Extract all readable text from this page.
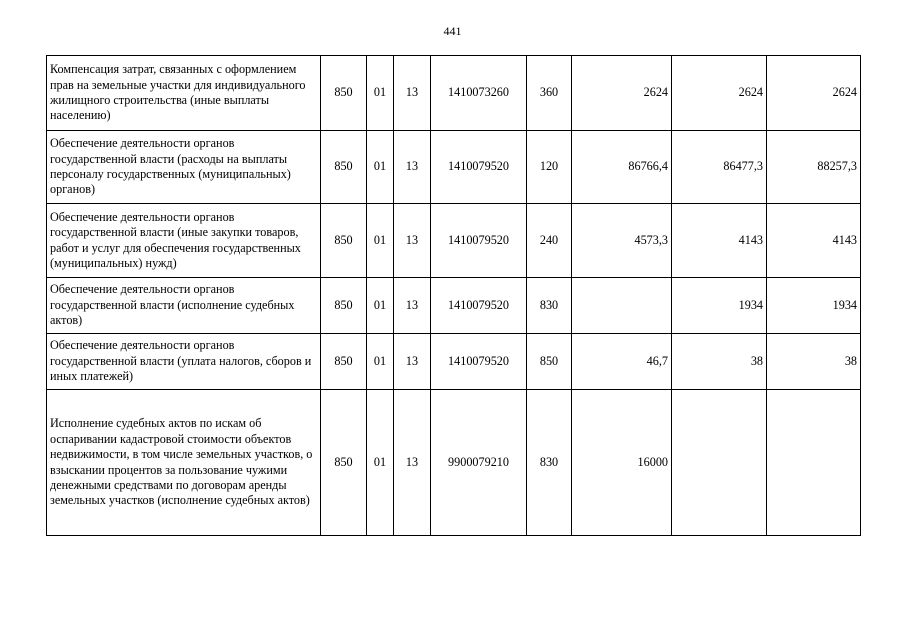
441
Компенсация затрат, связанных с оформлением прав на земельные участки для индивидуального жилищного строительства (иные выплаты населению)	850	01	13	1410073260	360	2624	2624	2624
Обеспечение деятельности органов государственной власти (расходы на выплаты персоналу государственных (муниципальных) органов)	850	01	13	1410079520	120	86766,4	86477,3	88257,3
Обеспечение деятельности органов государственной власти (иные закупки товаров, работ и услуг для обеспечения государственных (муниципальных) нужд)	850	01	13	1410079520	240	4573,3	4143	4143
Обеспечение деятельности органов государственной власти (исполнение судебных актов)	850	01	13	1410079520	830		1934	1934
Обеспечение деятельности органов государственной власти (уплата налогов, сборов и иных платежей)	850	01	13	1410079520	850	46,7	38	38
Исполнение судебных актов по искам об оспаривании кадастровой стоимости объектов недвижимости, в том числе земельных участков, о взыскании процентов за пользование чужими денежными средствами по договорам аренды земельных участков (исполнение судебных актов)	850	01	13	9900079210	830	16000		
